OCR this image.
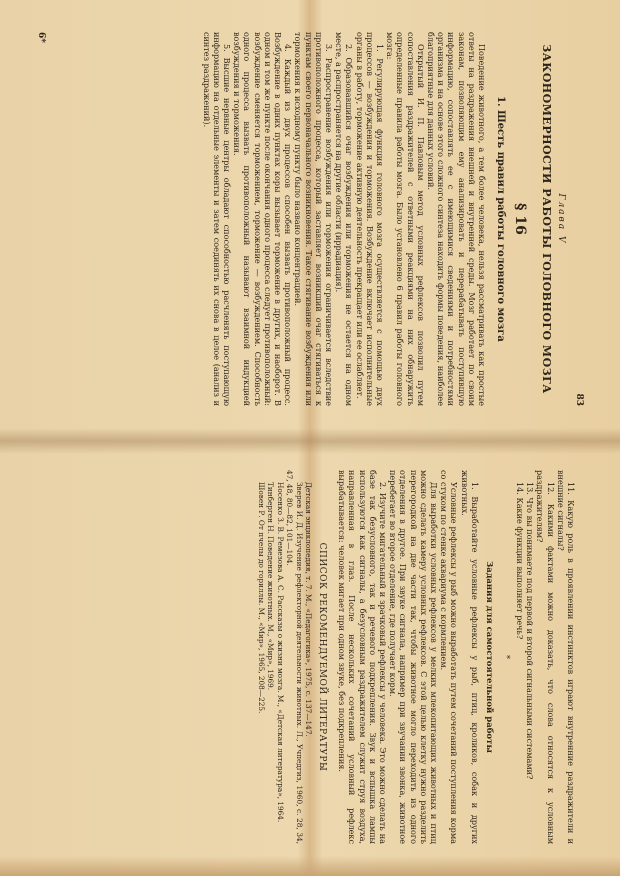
83
Глава V
ЗАКОНОМЕРНОСТИ РАБОТЫ ГОЛОВНОГО МОЗГА
§ 16
1. Шесть правил работы головного мозга

Поведение животного, а тем более человека, нельзя рассматривать как простые ответы на раздражения внешней и внутренней среды. Мозг работает по своим законам, позволяющим ему анализировать и перерабатывать поступившую информацию, сопоставлять ее с имеющимися сведениями и потребностями организма и на основе этого сложного синтеза находить формы поведения, наиболее благоприятные для данных условий.

Открытый И. П. Павловым метод условных рефлексов позволил путем сопоставления раздражителей с ответными реакциями на них обнаружить определенные правила работы мозга. Было установлено 6 правил работы головного мозга:

1. Регулирующая функция головного мозга осуществляется с помощью двух процессов — возбуждения и торможения. Возбуждение включает исполнительные органы в работу, торможение активную деятельность прекращает или ее ослабляет.

2. Образовавшийся очаг возбуждения или торможения не остается на одном месте, а распространяется на другие области (иррадиация).

3. Распространение возбуждения или торможения ограничивается вследствие противоположного процесса, который заставляет возникший очаг стягиваться к пунктам своего первоначального возникновения. Такое стягивание возбуждения или торможения к исходному пункту было названо концентрацией.

4. Каждый из двух процессов способен вызвать противоположный процесс. Возбуждение в одних пунктах коры вызывает торможение в других, и наоборот. В одном и том же пункте после окончания одного процесса следует противоположный: возбуждение сменяется торможением, торможение — возбуждением. Способность одного процесса вызвать противоположный называют взаимной индукцией возбуждения и торможения.

5. Высшие нервные центры обладают способностью расчленять поступающую информацию на отдельные элементы и затем соединять их снова в целое (анализ и синтез раздражений).

6*

11. Какую роль в проявлении инстинктов играют внутренние раздражители и внешние сигналы?

12. Какими фактами можно доказать, что слова относятся к условным раздражителям?

13. Что вы понимаете под первой и второй сигнальными системами?

14. Какие функции выполняет речь?

*
Задания для самостоятельной работы

1. Выработайте условные рефлексы у рыб, птиц, кроликов, собак и других животных.

Условные рефлексы у рыб можно выработать путем сочетаний поступления корма со стуком по стенке аквариума с кормлением.

Для выработки условных рефлексов у мелких млекопитающих животных и птиц можно сделать камеру условных рефлексов. С этой целью клетку нужно разделить перегородкой на две части так, чтобы животное могло переходить из одного отделения в другое. При звуке сигнала, например при звучании звонка, животное перебегает во второе отделение, где получает корм.

2. Изучите мигательный и зрачковый рефлексы у человека. Это можно сделать на базе так безусловного, так и речевого подкрепления. Звук и вспышка лампы используются как сигналы, а безусловным раздражителем служит струя воздуха, направленная в глаз. После нескольких сочетаний условный рефлекс вырабатывается: человек мигает при одном звуке, без подкрепления.

СПИСОК РЕКОМЕНДУЕМОЙ ЛИТЕРАТУРЫ

Детская энциклопедия, т. 7. М., «Педагогика», 1975, с. 137—147.

Зверев И. Д. Изучение рефлекторной деятельности животных. Л., Учпедгиз, 1960, с. 28, 34, 47, 48, 80—82, 101—104.

Носенко З. В. Ремезова А. С. Рассказы о жизни мозга. М., «Детская литература», 1964.

Тинберген Н. Поведение животных. М., «Мир», 1969.

Шовен Р. От пчелы до гориллы. М., «Мир», 1965, 208—225.
